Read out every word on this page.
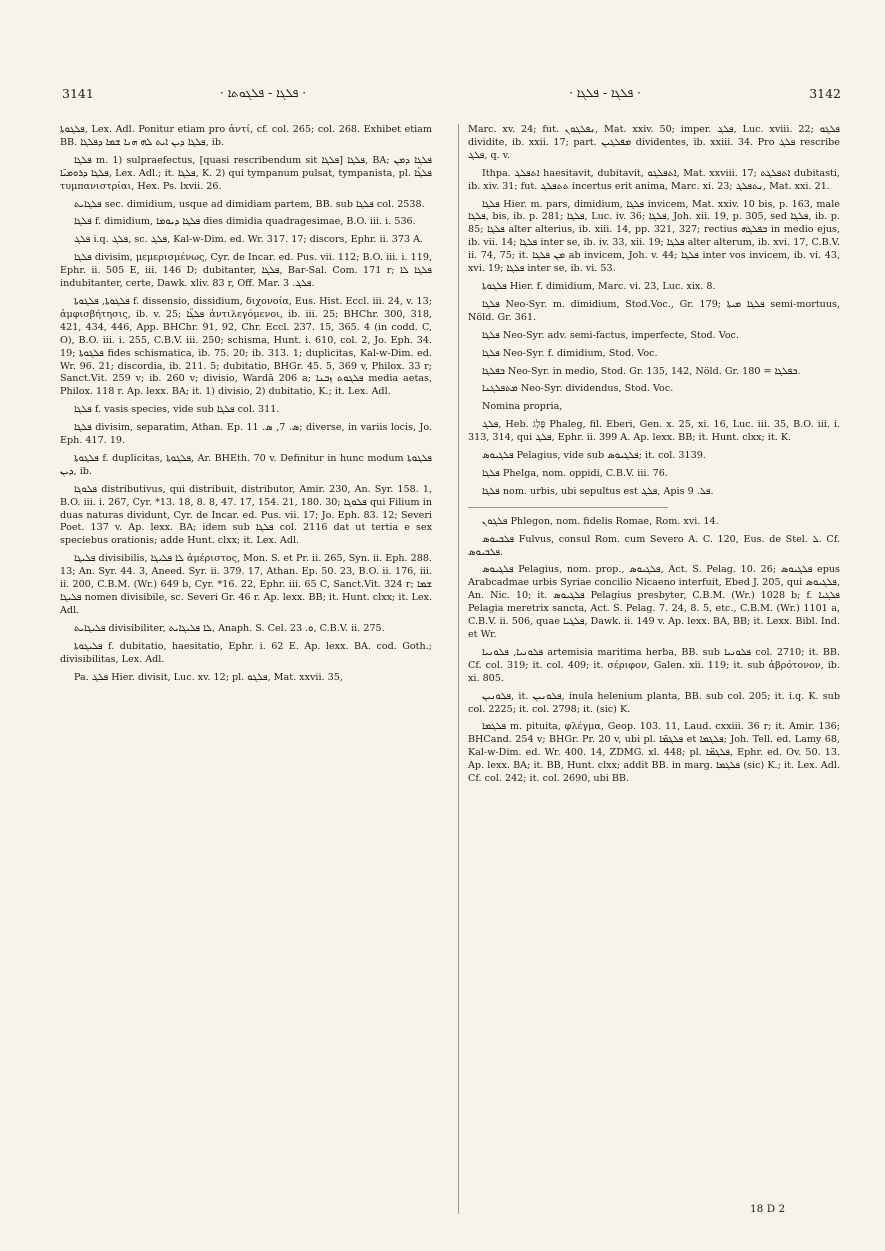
3141	· ܦܠܓܐ - ܦܠܓܘܬܐ ·	· ܦܠܓܐ - ܦܠܓܐ ·	3142

ܦܠܓܘܬܐ, Lex. Adl. Ponitur etiam pro ἀντί, cf. col. 265; col. 268. Exhibet etiam BB. ܦܠܓܐ ܕܝܢ ܐܝܬ ܠܗ ܗܢܐ ܫܡܐ ܕܦܠܓܐ, ib.

ܦܠܓܐ m. 1) sulpraefectus, [quasi rescribendum sit ܦܠܓܐ] ܦܠܓܐ, BA; ܦܠܓܐ ܕܡܢ ܦܠܓܐ ܕܪܘܡܝ̈ܐ, Lex. Adl.; it. ܦܠܓܐ, K. 2) qui tympanum pulsat, tympanista, pl. ܦܠܓ̈ܐ τυμπανιστρίαι, Hex. Ps. lxvii. 26.

ܦܠܓܐܝܬ sec. dimidium, usque ad dimidiam partem, BB. sub ܦܠܓܐ col. 2538.

ܦܠܓܐ f. dimidium, ܦܠܓܐ ܕܝܘܡܐ dies dimidia quadragesimae, B.O. iii. i. 536.

ܦܠܓ i.q. ܦܠܓ, sc. ܦܠܓ, Kal-w-Dim. ed. Wr. 317. 17; discors, Ephr. ii. 373 A.

ܦܠܓܐ divisim, μεμερισμένως, Cyr. de Incar. ed. Pus. vii. 112; B.O. iii. i. 119, Ephr. ii. 505 E, iii. 146 D; dubitanter, ܦܠܓܐ, Bar-Sal. Com. 171 r; ܦܠܓܐ ܠܐ indubitanter, certe, Dawk. xliv. 83 r, Off. Mar. ܦܠܓ. 3.

ܦܠܓܘܬܐ, ܦܠܓܘܬܐ f. dissensio, dissidium, διχονοία, Eus. Hist. Eccl. iii. 24, v. 13; ἀμφισβήτησις, ib. v. 25; ܦܠܓ̈ܐ ἀντιλεγόμενοι, ib. iii. 25; BHChr. 300, 318, 421, 434, 446, App. BHChr. 91, 92, Chr. Eccl. 237. 15, 365. 4 (in codd. C, O), B.O. iii. i. 255, C.B.V. iii. 250; schisma, Hunt. i. 610, col. 2, Jo. Eph. 34. 19; ܦܠܓܘܬܐ fides schismatica, ib. 75. 20; ib. 313. 1; duplicitas, Kal-w-Dim. ed. Wr. 96. 21; discordia, ib. 211. 5; dubitatio, BHGr. 45. 5, 369 v, Philox. 33 r; Sanct.Vit. 259 v; ib. 260 v; divisio, Wardā 206 a; ܦܠܓܘܬ ܙܒܢܐ media aetas, Philox. 118 r. Ap. lexx. BA; it. 1) divisio, 2) dubitatio, K.; it. Lex. Adl.

ܦܠܓܐ f. vasis species, vide sub ܦܠܓܐ col. 311.

ܦܠܓܐ divisim, separatim, Athan. Ep. ܣ. 7, ܣ. 11; diverse, in variis locis, Jo. Eph. 417. 19.

ܦܠܓܘܬܐ f. duplicitas, ܦܠܓܘܬܐ, Ar. BHEth. 70 v. Definitur in hunc modum ܦܠܓܘܬܐ ܕܝܢ, ib.

ܦܠܘܓܐ distributivus, qui distribuit, distributor, Amir. 230, An. Syr. 158. 1, B.O. iii. i. 267, Cyr. *13. 18, 8. 8, 47. 17, 154. 21, 180. 30; ܦܠܘܓܐ qui Filium in duas naturas dividunt, Cyr. de Incar. ed. Pus. vii. 17; Jo. Eph. 83. 12; Severi Poet. 137 v. Ap. lexx. BA; idem sub ܦܠܓܐ col. 2116 dat ut tertia e sex speciebus orationis; adde Hunt. clxx; it. Lex. Adl.

ܦܠܝܓܐ divisibilis, ܠܐ ܦܠܝܓܐ ἀμέριστος, Mon. S. et Pr. ii. 265, Syn. ii. Eph. 288. 13; An. Syr. 44. 3, Aneed. Syr. ii. 379. 17, Athan. Ep. 50. 23, B.O. ii. 176, iii. ii. 200, C.B.M. (Wr.) 649 b, Cyr. *16. 22, Ephr. iii. 65 C, Sanct.Vit. 324 r; ܫܡܐ ܦܠܝܓܐ nomen divisibile, sc. Severi Gr. 46 r. Ap. lexx. BB; it. Hunt. clxx; it. Lex. Adl.

ܦܠܝܓܐܝܬ divisibiliter, ܠܐ ܦܠܝܓܐܝܬ, Anaph. S. Cel. ܘ. 23, C.B.V. ii. 275.

ܦܠܝܓܘܬܐ f. dubitatio, haesitatio, Ephr. i. 62 E. Ap. lexx. BA. cod. Goth.; divisibilitas, Lex. Adl.

Pa. ܦܠܓ Hier. divisit, Luc. xv. 12; pl. ܦܠܓܘ, Mat. xxvii. 35,

Marc. xv. 24; fut. ܢܦܠܓܘܢ, Mat. xxiv. 50; imper. ܦܠܓ, Luc. xviii. 22; ܦܠܓܘ dividite, ib. xxii. 17; part. ܡܦܠܓܝܢ dividentes, ib. xxiii. 34. Pro ܦܠܓ rescribe ܦܠܓ, q. v.

Ithpa. ܐܬܦܠܓ haesitavit, dubitavit, ܐܬܦܠܓܘ, Mat. xxviii. 17; ܐܬܦܠܓܬ dubitasti, ib. xiv. 31; fut. ܬܬܦܠܓ incertus erit anima, Marc. xi. 23; ܢܬܦܠܓ, Mat. xxi. 21.

ܦܠܓܐ Hier. m. pars, dimidium, ܦܠܓܐ invicem, Mat. xxiv. 10 bis, p. 163, male ܦܠܓܐ, bis, ib. p. 281; ܦܠܓܐ, Luc. iv. 36; ܦܠܓܐ, Joh. xii. 19, p. 305, sed ܦܠܓܐ, ib. p. 85; ܦܠܓܐ alter alterius, ib. xiii. 14, pp. 321, 327; rectius ܒܦܠܓܗ in medio ejus, ib. vii. 14; ܦܠܓܐ inter se, ib. iv. 33, xii. 19; ܦܠܓܐ alter alterum, ib. xvi. 17, C.B.V. ii. 74, 75; it. ܡܢ ܦܠܓܐ ab invicem, Joh. v. 44; ܦܠܓܐ inter vos invicem, ib. vi. 43, xvi. 19; ܦܠܓܐ inter se, ib. vi. 53.

ܦܠܓܘܬܐ Hier. f. dimidium, Marc. vi. 23, Luc. xix. 8.

ܦܠܓܐ Neo-Syr. m. dimidium, Stod.Voc., Gr. 179; ܦܠܓܐ ܡܝܬܐ semi-mortuus, Nöld. Gr. 361.

ܦܠܓܐ Neo-Syr. adv. semi-factus, imperfecte, Stod. Voc.

ܦܠܓܐ Neo-Syr. f. dimidium, Stod. Voc.

ܒܦܠܓܐ Neo-Syr. in medio, Stod. Gr. 135, 142, Nöld. Gr. 180 = ܒܦܠܓܐ.

ܡܬܦܠܓܢܐ Neo-Syr. dividendus, Stod. Voc.

Nomina propria,

ܦܠܓ, Heb. פֶּלֶג Phaleg, fil. Eberi, Gen. x. 25, xi. 16, Luc. iii. 35, B.O. iii. i. 313, 314, qui ܦܠܓ, Ephr. ii. 399 A. Ap. lexx. BB; it. Hunt. clxx; it. K.

ܦܠܓܝܘܣ Pelagius, vide sub ܦܠܓܝܘܣ; it. col. 3139.

ܦܠܓܐ Phelga, nom. oppidi, C.B.V. iii. 76.

ܦܠܓܐ nom. urbis, ubi sepultus est ܦܠܓ, Apis ܦܠ. 9.

ܦܠܓܘܢ Phlegon, nom. fidelis Romae, Rom. xvi. 14.

ܦܠܒܝܘܣ Fulvus, consul Rom. cum Severo A. C. 120, Eus. de Stel. ܠ. Cf. ܦܠܒܝܘܣ.

ܦܠܓܝܘܣ Pelagius, nom. prop., ܦܠܓܝܘܣ, Act. S. Pelag. 10. 26; ܦܠܓܝܘܣ epus Arabcadmae urbis Syriae concilio Nicaeno interfuit, Ebed J. 205, qui ܦܠܓܝܘܣ, An. Nic. 10; it. ܦܠܓܝܘܣ Pelagius presbyter, C.B.M. (Wr.) 1028 b; f. ܦܠܓܝܐ Pelagia meretrix sancta, Act. S. Pelag. 7. 24, 8. 5, etc., C.B.M. (Wr.) 1101 a, C.B.V. ii. 506, quae ܦܠܓܝܐ, Dawk. ii. 149 v. Ap. lexx. BA, BB; it. Lexx. Bibl. Ind. et Wr.

ܦܠܘܢܝܐ, ܦܠܘܢܝܐ artemisia maritima herba, BB. sub ܦܠܘܢܝܐ col. 2710; it. BB. Cf. col. 319; it. col. 409; it. σέριφον, Galen. xii. 119; it. sub ἀβρότονον, ib. xi. 805.

ܦܠܘܢܝܢ, it. ܦܠܘܢܝܢ, inula helenium planta, BB. sub col. 205; it. i.q. K. sub col. 2225; it. col. 2798; it. (sic) K.

ܦܠܓܡܐ m. pituita, φλέγμα, Geop. 103. 11, Laud. cxxiii. 36 r; it. Amir. 136; BHCand. 254 v; BHGr. Pr. 20 v, ubi pl. ܦܠܓܡ̈ܐ et ܦܠܓܡܐ; Joh. Tell. ed. Lamy 68, Kal-w-Dim. ed. Wr. 400. 14, ZDMG. xl. 448; pl. ܦܠܓܡ̈ܐ, Ephr. ed. Ov. 50. 13. Ap. lexx. BA; it. BB, Hunt. clxx; addit BB. in marg. ܦܠܓܡܐ (sic) K.; it. Lex. Adl. Cf. col. 242; it. col. 2690, ubi BB.

18 D 2
